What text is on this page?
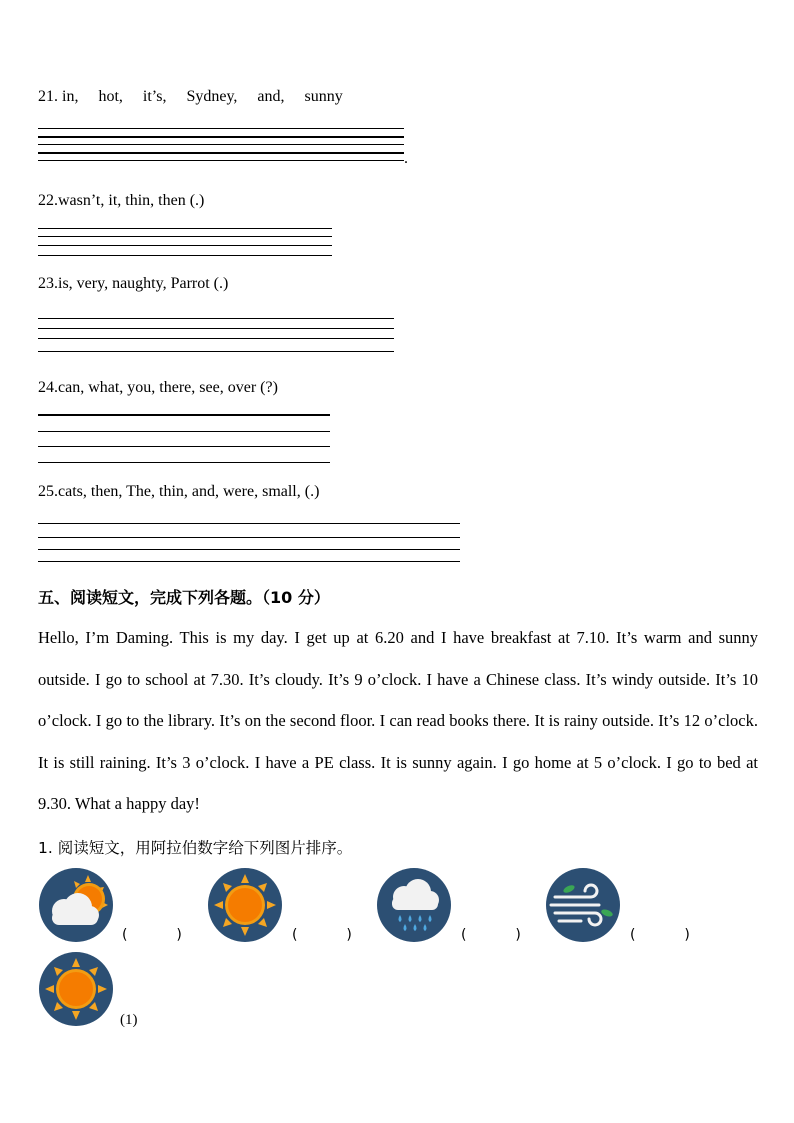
21. in,     hot,     it’s,     Sydney,     and,     sunny
.
22.wasn’t, it, thin, then (.)
23.is, very, naughty, Parrot (.)
24.can, what, you, there, see, over (?)
25.cats, then, The, thin, and, were, small, (.)
五、阅读短文，完成下列各题。（10 分）
Hello, I’m Daming. This is my day. I get up at 6.20 and I have breakfast at 7.10. It’s warm and sunny outside. I go to school at 7.30. It’s cloudy. It’s 9 o’clock. I have a Chinese class. It’s windy outside. It’s 10 o’clock. I go to the library. It’s on the second floor. I can read books there. It is rainy outside. It’s 12 o’clock. It is still raining. It’s 3 o’clock. I have a PE class. It is sunny again. I go home at 5 o’clock. I go to bed at 9.30. What a happy day!
1. 阅读短文，用阿拉伯数字给下列图片排序。
(           )	(           )	(           )	(           )
(1)
